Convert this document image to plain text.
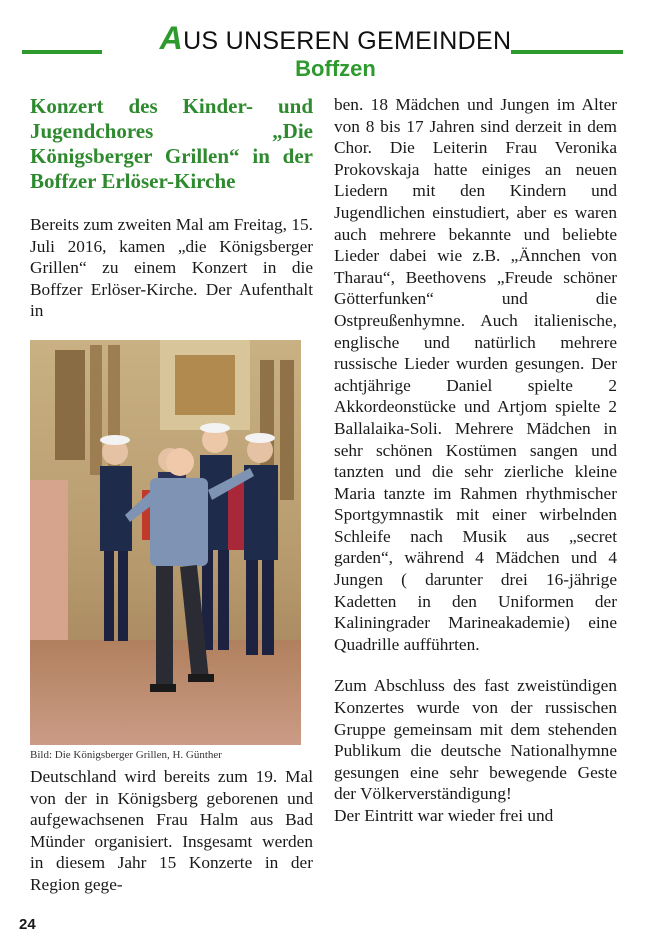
AUS UNSEREN GEMEINDEN
Boffzen
Konzert des Kinder- und Jugendchores „Die Königsberger Grillen“ in der Boffzer Erlöser-Kirche

Bereits zum zweiten Mal am Freitag, 15. Juli 2016, kamen „die Königsberger Grillen“ zu einem Konzert in die Boffzer Erlöser-Kirche. Der Aufenthalt in

Bild: Die Königsberger Grillen, H. Günther

Deutschland wird bereits zum 19. Mal von der in Königsberg geborenen und aufgewachsenen Frau Halm aus Bad Münder organisiert. Insgesamt werden in diesem Jahr 15 Konzerte in der Region gege-

ben. 18 Mädchen und Jungen im Alter von 8 bis 17 Jahren sind derzeit in dem Chor. Die Leiterin Frau Veronika Prokovskaja hatte einiges an neuen Liedern mit den Kindern und Jugendlichen einstudiert, aber es waren auch mehrere bekannte und beliebte Lieder dabei wie z.B. „Ännchen von Tharau“, Beethovens „Freude schöner Götterfunken“ und die Ostpreußenhymne. Auch italienische, englische und natürlich mehrere russische Lieder wurden gesungen. Der achtjährige Daniel spielte 2 Akkordeonstücke und Artjom spielte 2 Ballalaika-Soli. Mehrere Mädchen in sehr schönen Kostümen sangen und tanzten und die sehr zierliche kleine Maria tanzte im Rahmen rhythmischer Sportgymnastik mit einer wirbelnden Schleife nach Musik aus „secret garden“, während 4 Mädchen und 4 Jungen ( darunter drei 16-jährige Kadetten in den Uniformen der Kaliningrader Marineakademie) eine Quadrille aufführten.

Zum Abschluss des fast zweistündigen Konzertes wurde von der russischen Gruppe gemeinsam mit dem stehenden Publikum die deutsche Nationalhymne gesungen eine sehr bewegende Geste der Völkerverständigung!

Der Eintritt war wieder frei und

24
